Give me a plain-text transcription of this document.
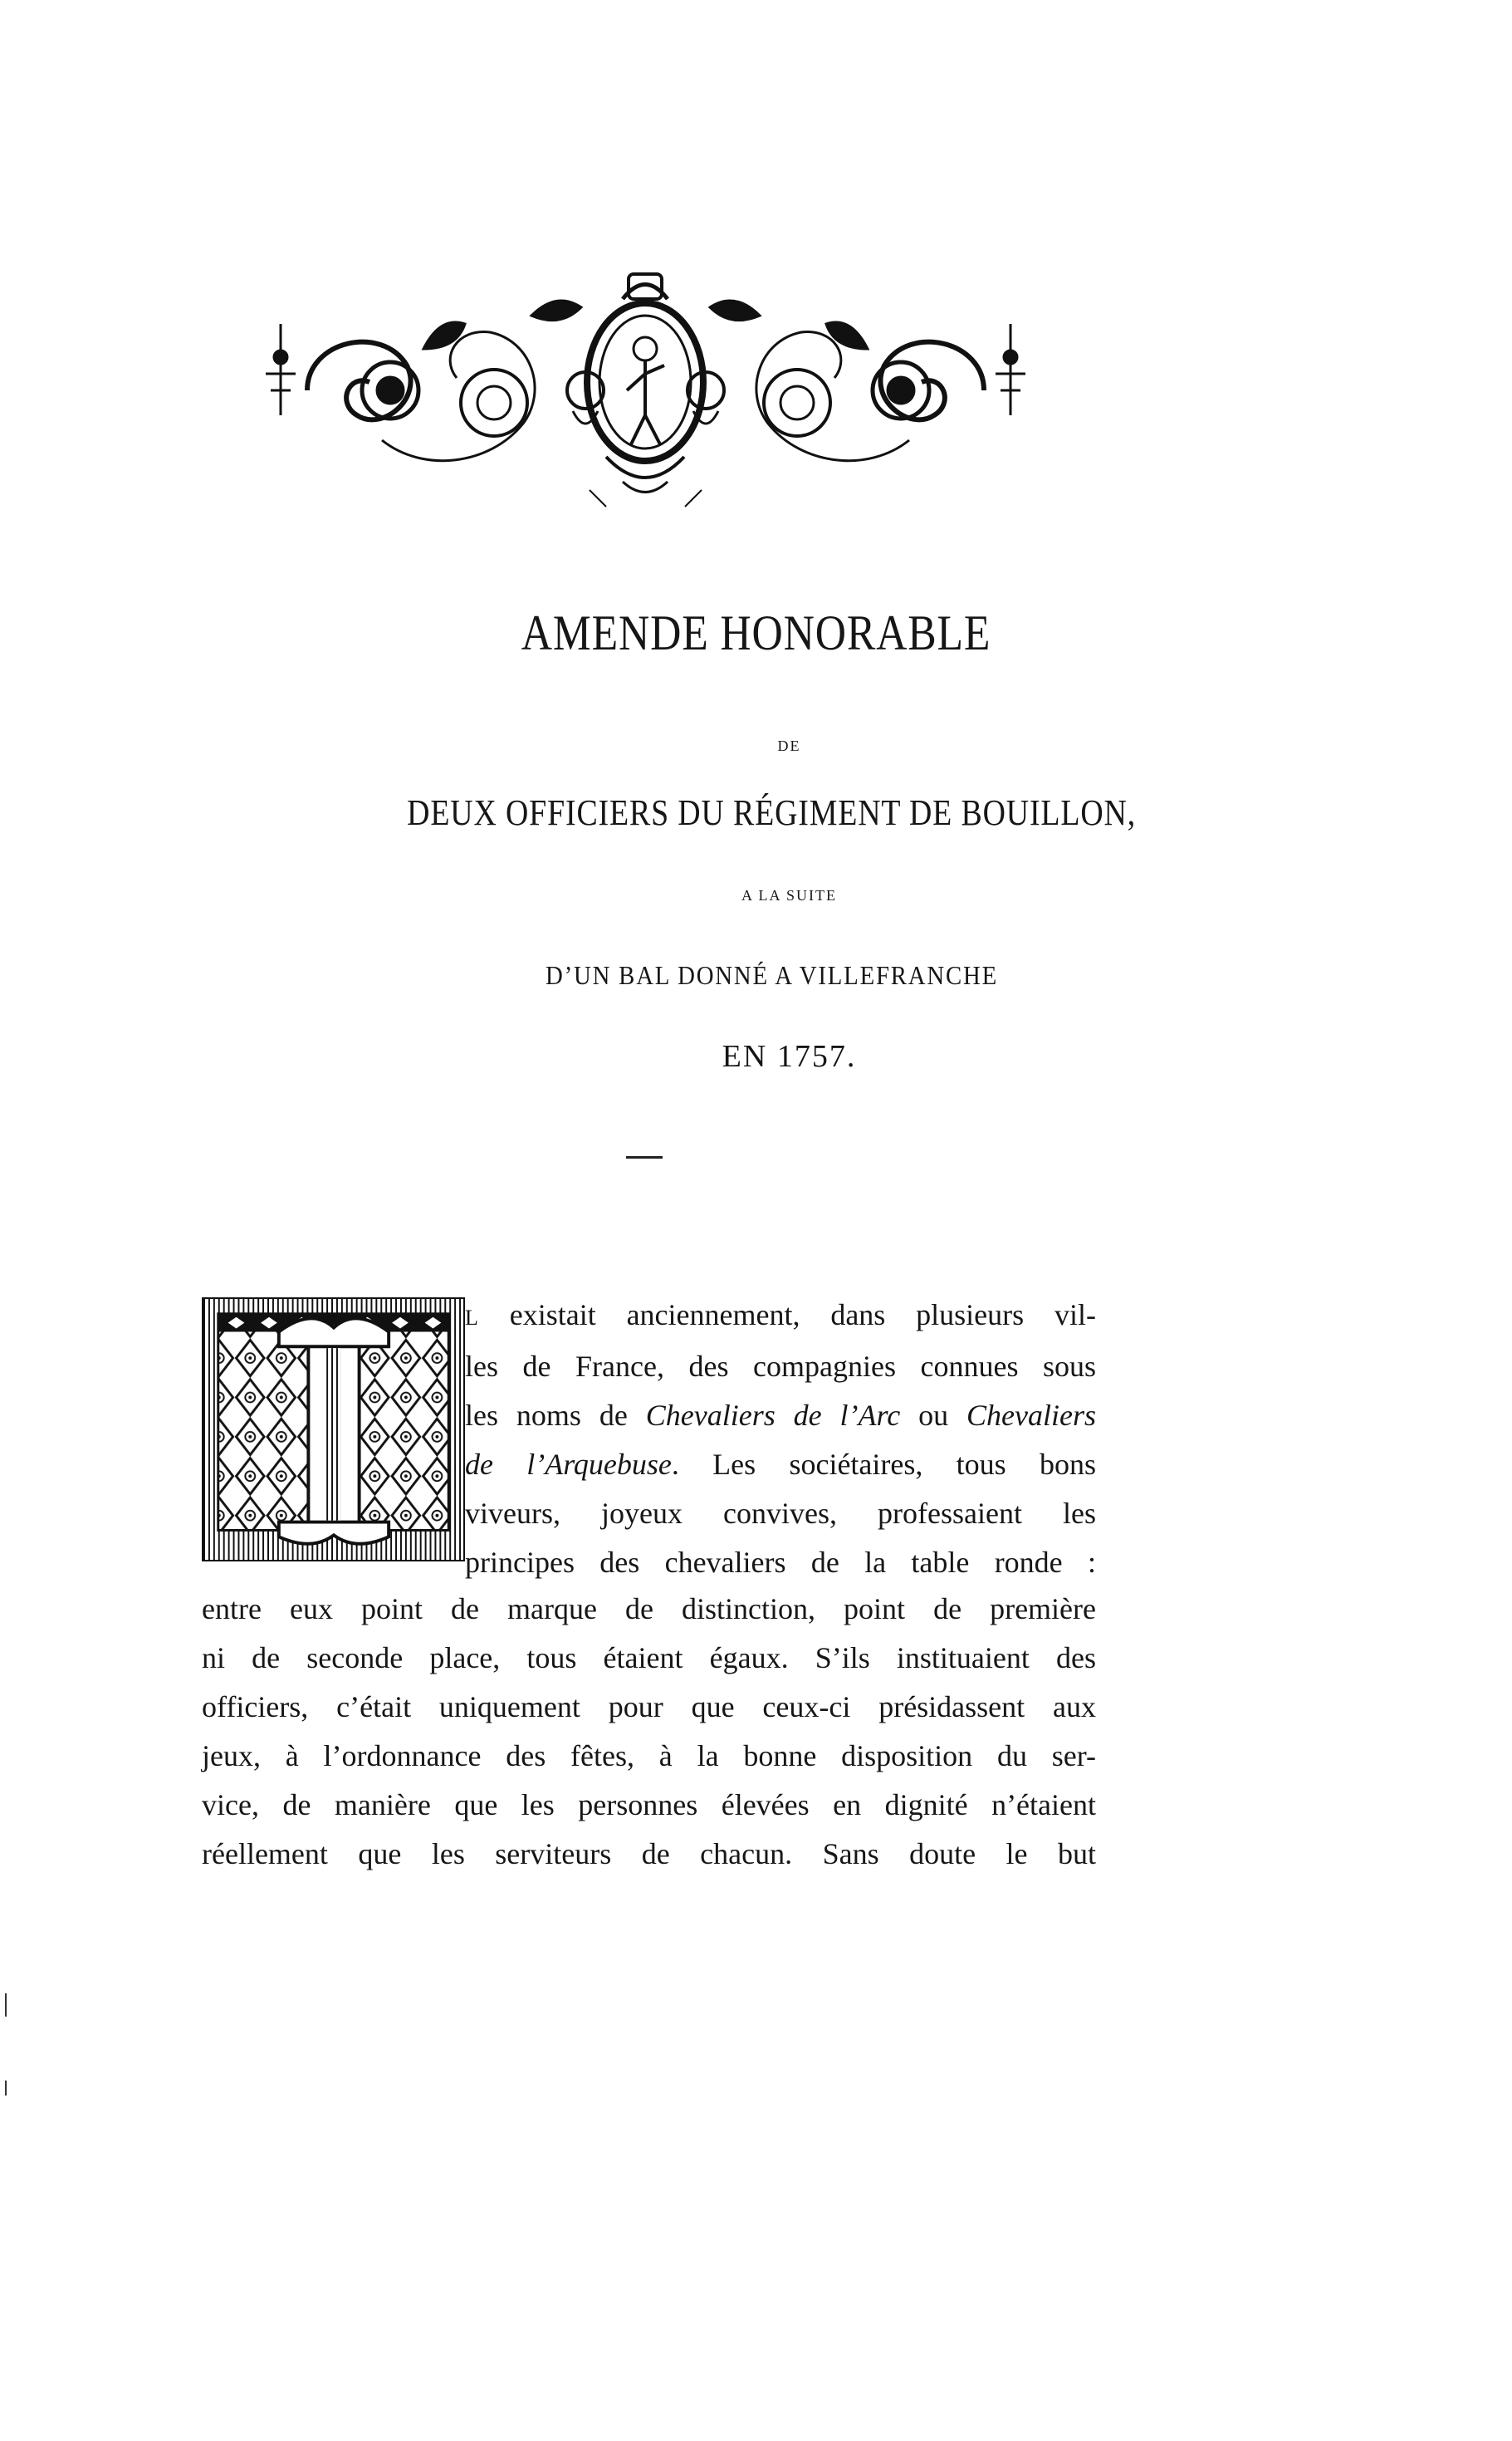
AMENDE HONORABLE
DE
DEUX OFFICIERS DU RÉGIMENT DE BOUILLON,
A LA SUITE
D’UN BAL DONNÉ A VILLEFRANCHE
EN 1757.
L existait anciennement, dans plusieurs vil-
les de France, des compagnies connues sous
les noms de Chevaliers de l’Arc ou Chevaliers
de l’Arquebuse. Les sociétaires, tous bons
viveurs, joyeux convives, professaient les
principes des chevaliers de la table ronde :
entre eux point de marque de distinction, point de première
ni de seconde place, tous étaient égaux. S’ils instituaient des
officiers, c’était uniquement pour que ceux-ci présidassent aux
jeux, à l’ordonnance des fêtes, à la bonne disposition du ser-
vice, de manière que les personnes élevées en dignité n’étaient
réellement que les serviteurs de chacun. Sans doute le but
